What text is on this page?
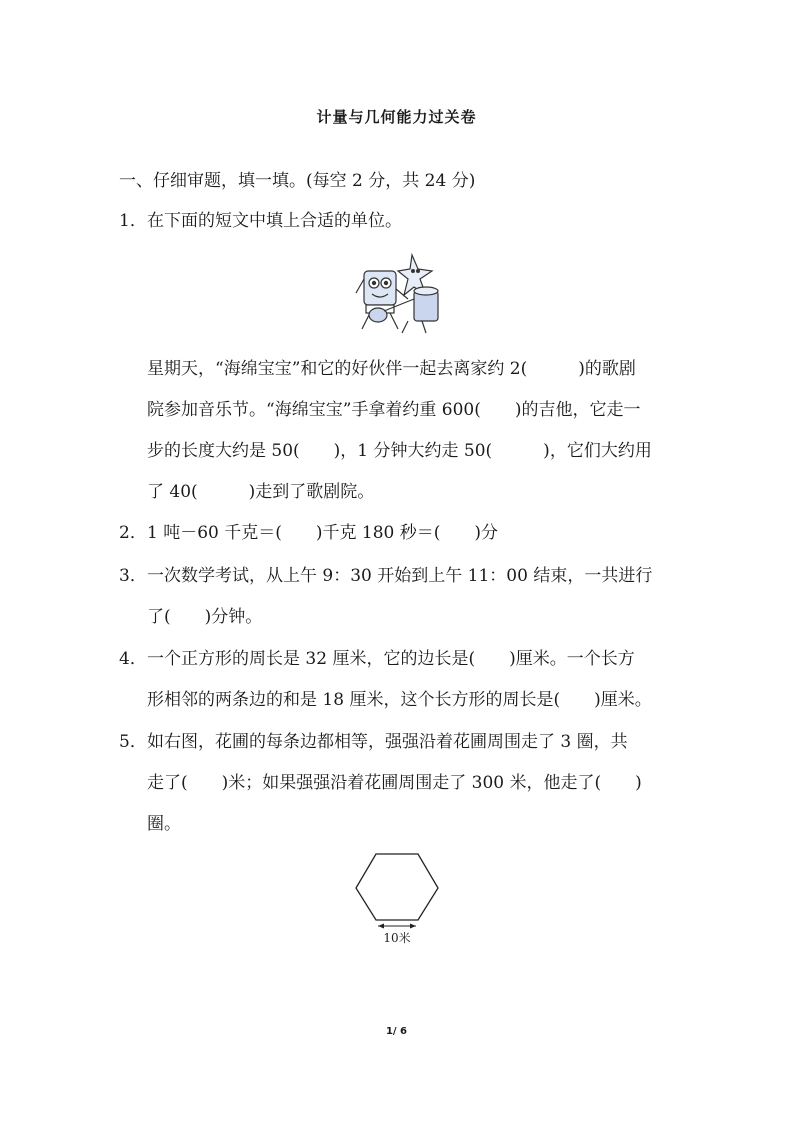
计量与几何能力过关卷
一、仔细审题，填一填。(每空 2 分，共 24 分)
1．在下面的短文中填上合适的单位。
星期天，“海绵宝宝”和它的好伙伴一起去离家约 2(　　　)的歌剧
院参加音乐节。“海绵宝宝”手拿着约重 600(　　)的吉他，它走一
步的长度大约是 50(　　)，1 分钟大约走 50(　　　)，它们大约用
了 40(　　　)走到了歌剧院。
2．1 吨－60 千克＝(　　)千克 180 秒＝(　　)分
3．一次数学考试，从上午 9：30 开始到上午 11：00 结束，一共进行
了(　　)分钟。
4．一个正方形的周长是 32 厘米，它的边长是(　　)厘米。一个长方
形相邻的两条边的和是 18 厘米，这个长方形的周长是(　　)厘米。
5．如右图，花圃的每条边都相等，强强沿着花圃周围走了 3 圈，共
走了(　　)米；如果强强沿着花圃周围走了 300 米，他走了(　　)
圈。
10米
1/ 6
